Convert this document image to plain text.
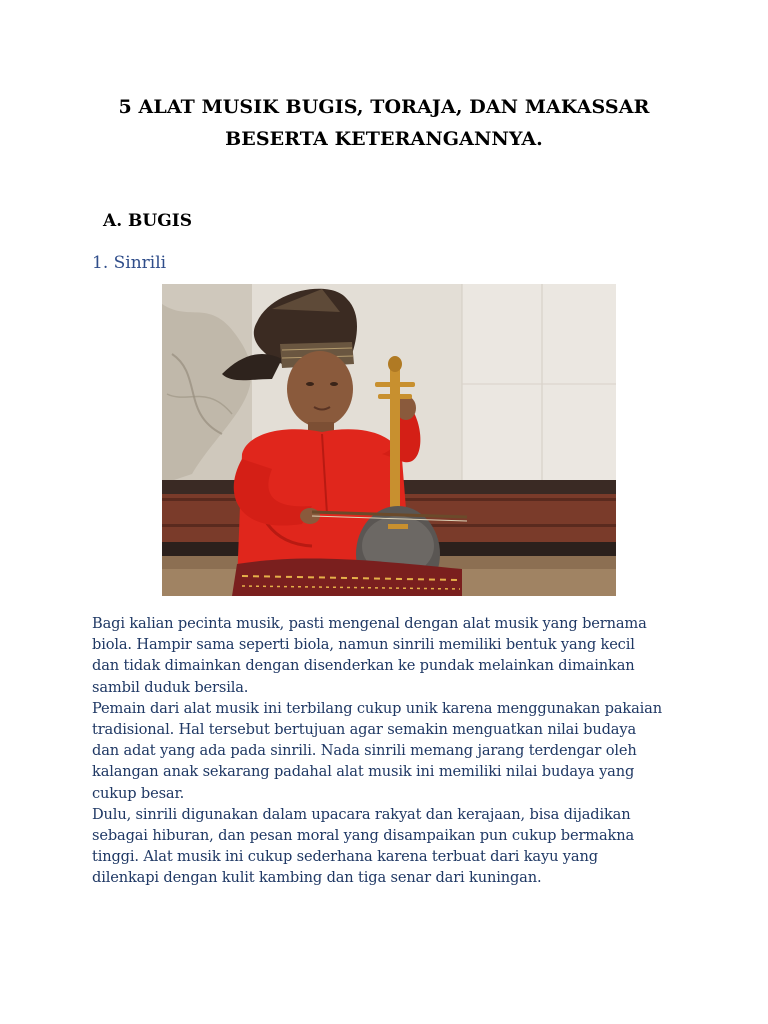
5 ALAT MUSIK BUGIS, TORAJA, DAN MAKASSAR
BESERTA KETERANGANNYA.
A. BUGIS
1. Sinrili
Bagi kalian pecinta musik, pasti mengenal dengan alat musik yang bernama
biola. Hampir sama seperti biola, namun sinrili memiliki bentuk yang kecil
dan tidak dimainkan dengan disenderkan ke pundak melainkan dimainkan
sambil duduk bersila.
Pemain dari alat musik ini terbilang cukup unik karena menggunakan pakaian
tradisional. Hal tersebut bertujuan agar semakin menguatkan nilai budaya
dan adat yang ada pada sinrili. Nada sinrili memang jarang terdengar oleh
kalangan anak sekarang padahal alat musik ini memiliki nilai budaya yang
cukup besar.
Dulu, sinrili digunakan dalam upacara rakyat dan kerajaan, bisa dijadikan
sebagai hiburan, dan pesan moral yang disampaikan pun cukup bermakna
tinggi. Alat musik ini cukup sederhana karena terbuat dari kayu yang
dilenkapi dengan kulit kambing dan tiga senar dari kuningan.
